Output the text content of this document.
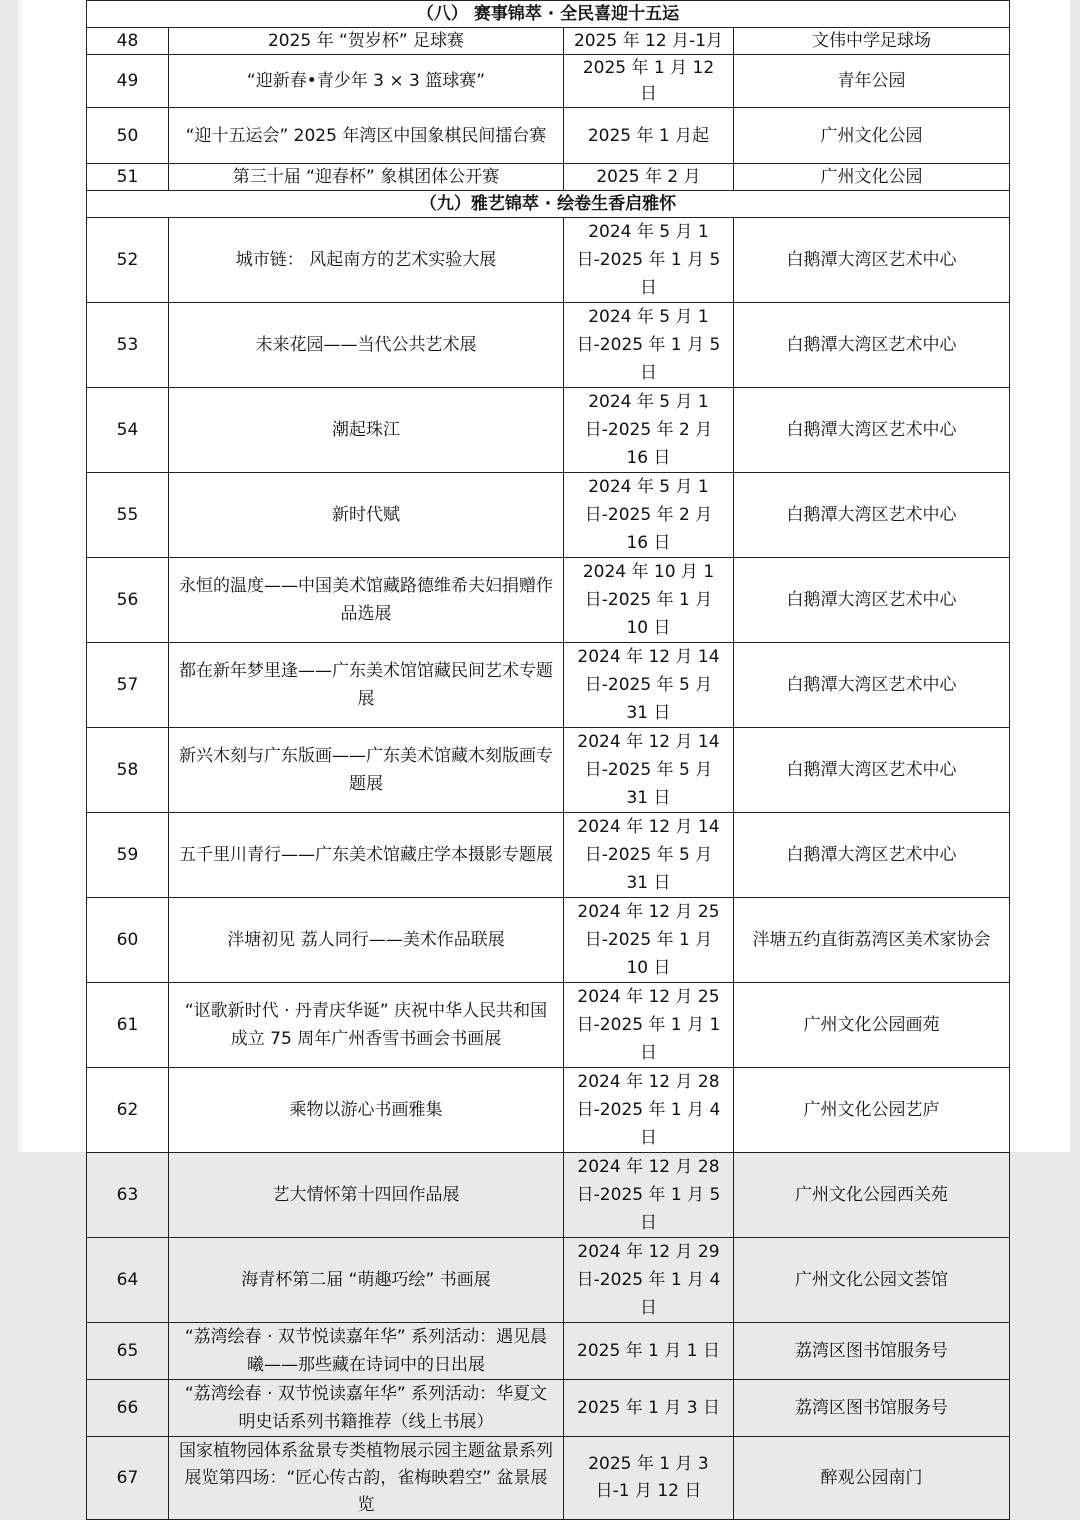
（八） 赛事锦萃 · 全民喜迎十五运			
48	2025 年 “贺岁杯” 足球赛	2025 年 12 月-1月	文伟中学足球场
49	“迎新春•青少年 3 × 3 篮球赛”	2025 年 1 月 12 日	青年公园
50	“迎十五运会” 2025 年湾区中国象棋民间擂台赛	2025 年 1 月起	广州文化公园
51	第三十届 “迎春杯” 象棋团体公开赛	2025 年 2 月	广州文化公园
（九）雅艺锦萃 · 绘卷生香启雅怀			
52	城市链： 风起南方的艺术实验大展	2024 年 5 月 1 日-2025 年 1 月 5 日	白鹅潭大湾区艺术中心
53	未来花园——当代公共艺术展	2024 年 5 月 1 日-2025 年 1 月 5 日	白鹅潭大湾区艺术中心
54	潮起珠江	2024 年 5 月 1 日-2025 年 2 月 16 日	白鹅潭大湾区艺术中心
55	新时代赋	2024 年 5 月 1 日-2025 年 2 月 16 日	白鹅潭大湾区艺术中心
56	永恒的温度——中国美术馆藏路德维希夫妇捐赠作品选展	2024 年 10 月 1 日-2025 年 1 月 10 日	白鹅潭大湾区艺术中心
57	都在新年梦里逢——广东美术馆馆藏民间艺术专题展	2024 年 12 月 14 日-2025 年 5 月 31 日	白鹅潭大湾区艺术中心
58	新兴木刻与广东版画——广东美术馆藏木刻版画专题展	2024 年 12 月 14 日-2025 年 5 月 31 日	白鹅潭大湾区艺术中心
59	五千里川青行——广东美术馆藏庄学本摄影专题展	2024 年 12 月 14 日-2025 年 5 月 31 日	白鹅潭大湾区艺术中心
60	泮塘初见 荔人同行——美术作品联展	2024 年 12 月 25 日-2025 年 1 月 10 日	泮塘五约直街荔湾区美术家协会
61	“讴歌新时代 · 丹青庆华诞” 庆祝中华人民共和国成立 75 周年广州香雪书画会书画展	2024 年 12 月 25 日-2025 年 1 月 1 日	广州文化公园画苑
62	乘物以游心书画雅集	2024 年 12 月 28 日-2025 年 1 月 4 日	广州文化公园艺庐
63	艺大情怀第十四回作品展	2024 年 12 月 28 日-2025 年 1 月 5 日	广州文化公园西关苑
64	海青杯第二届 “萌趣巧绘” 书画展	2024 年 12 月 29 日-2025 年 1 月 4 日	广州文化公园文荟馆
65	“荔湾绘春 · 双节悦读嘉年华” 系列活动：遇见晨曦——那些藏在诗词中的日出展	2025 年 1 月 1 日	荔湾区图书馆服务号
66	“荔湾绘春 · 双节悦读嘉年华” 系列活动：华夏文明史话系列书籍推荐（线上书展）	2025 年 1 月 3 日	荔湾区图书馆服务号
67	国家植物园体系盆景专类植物展示园主题盆景系列展览第四场：“匠心传古韵，雀梅映碧空” 盆景展览	2025 年 1 月 3 日-1 月 12 日	醉观公园南门
